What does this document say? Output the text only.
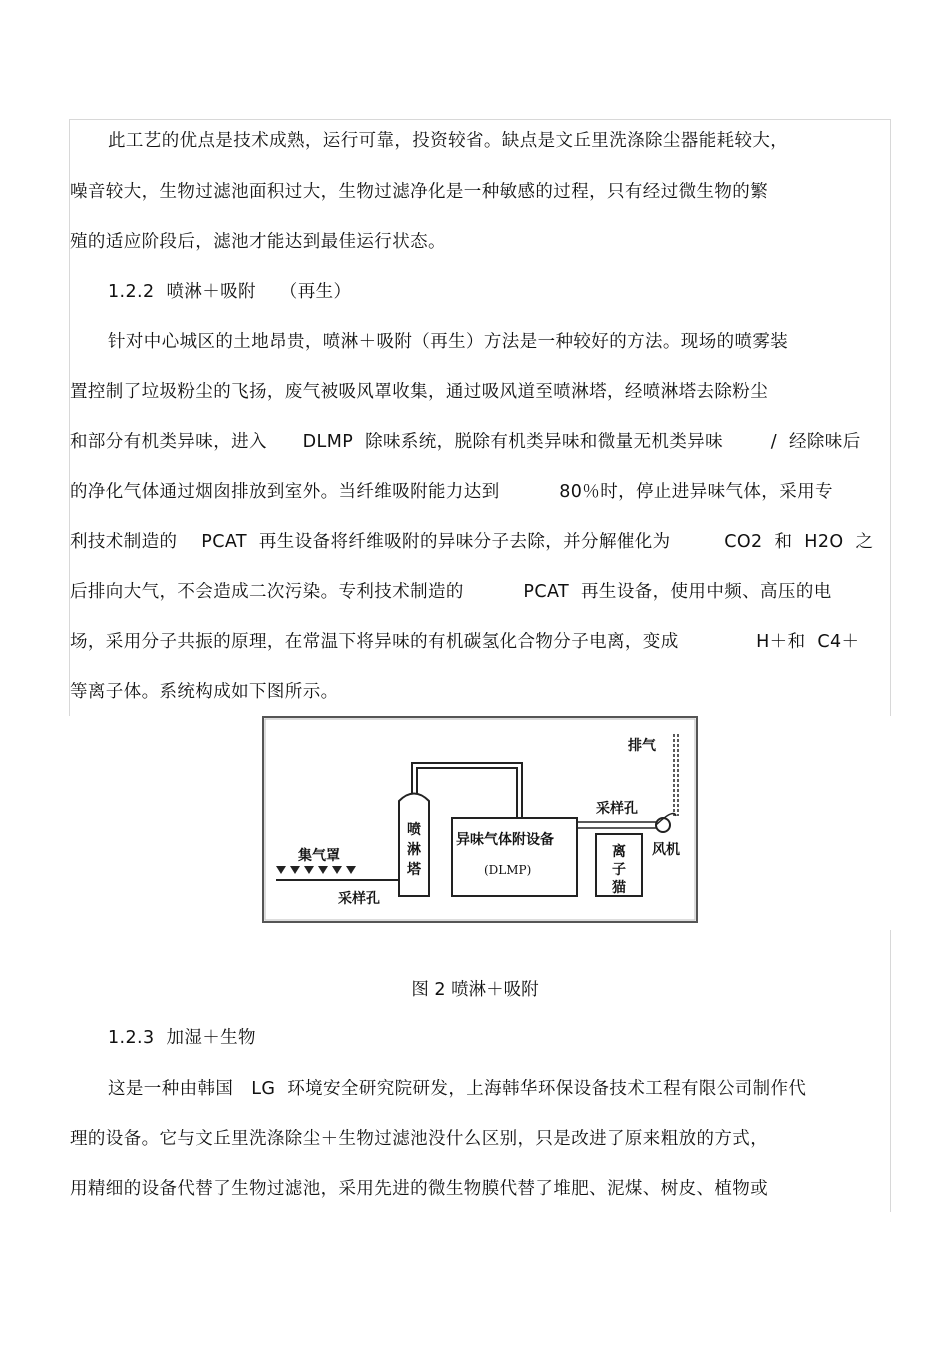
此工艺的优点是技术成熟，运行可靠，投资较省。缺点是文丘里洗涤除尘器能耗较大，
噪音较大，生物过滤池面积过大，生物过滤净化是一种敏感的过程，只有经过微生物的繁
殖的适应阶段后，滤池才能达到最佳运行状态。
1.2.2  喷淋＋吸附    （再生）
针对中心城区的土地昂贵，喷淋＋吸附（再生）方法是一种较好的方法。现场的喷雾装
置控制了垃圾粉尘的飞扬，废气被吸风罩收集，通过吸风道至喷淋塔，经喷淋塔去除粉尘
和部分有机类异味，进入      DLMP  除味系统，脱除有机类异味和微量无机类异味        /  经除味后
的净化气体通过烟囱排放到室外。当纤维吸附能力达到          80％时，停止进异味气体，采用专
利技术制造的    PCAT  再生设备将纤维吸附的异味分子去除，并分解催化为         CO2  和  H2O  之
后排向大气，不会造成二次污染。专利技术制造的          PCAT  再生设备，使用中频、高压的电
场，采用分子共振的原理，在常温下将异味的有机碳氢化合物分子电离，变成             H＋和  C4＋
等离子体。系统构成如下图所示。
排气
喷
淋
塔
异味气体附设备
(DLMP)
离
子
猫
采样孔
风机
集气罩
采样孔
图 2 喷淋＋吸附
1.2.3  加湿＋生物
这是一种由韩国   LG  环境安全研究院研发，上海韩华环保设备技术工程有限公司制作代
理的设备。它与文丘里洗涤除尘＋生物过滤池没什么区别，只是改进了原来粗放的方式，
用精细的设备代替了生物过滤池，采用先进的微生物膜代替了堆肥、泥煤、树皮、植物或
